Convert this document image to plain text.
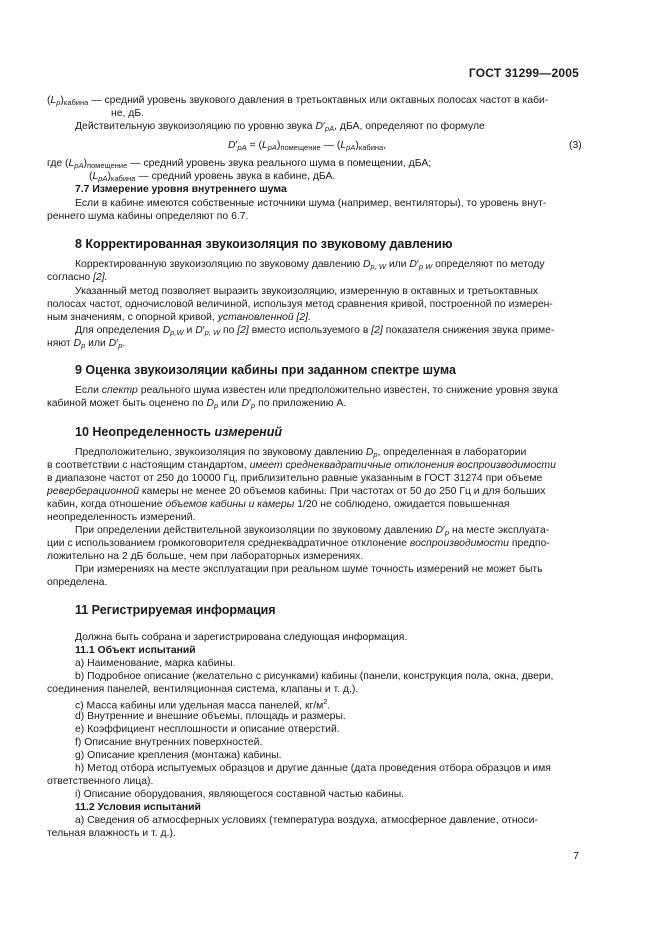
ГОСТ 31299—2005
$(L_p)_{кабина}$ — средний уровень звукового давления в третьоктавных или октавных полосах частот в каби-
не, дБ.
Действительную звукоизоляцию по уровню звука $D'_{pA}$, дБА, определяют по формуле
$D'_{pA} = (L_{pA})_{помещение}$ — $(L_{pA})_{кабина}$,	(3)
где $(L_{pA})_{помещение}$ — средний уровень звука реального шума в помещении, дБА;
$(L_{pA})_{кабина}$ — средний уровень звука в кабине, дБА.
7.7 Измерение уровня внутреннего шума
Если в кабине имеются собственные источники шума (например, вентиляторы), то уровень внут-
реннего шума кабины определяют по 6.7.
8 Корректированная звукоизоляция по звуковому давлению
Корректированную звукоизоляцию по звуковому давлению $D_{p, W}$ или $D'_{p W}$ определяют по методу
согласно [2].
Указанный метод позволяет выразить звукоизоляцию, измеренную в октавных и третьоктавных
полосах частот, одночисловой величиной, используя метод сравнения кривой, построенной по измерен-
ным значениям, с опорной кривой, установленной [2].
Для определения $D_{p,W}$ и $D'_{p, W}$ по [2] вместо используемого в [2] показателя снижения звука приме-
няют $D_p$ или $D'_p$.
9 Оценка звукоизоляции кабины при заданном спектре шума
Если спектр реального шума известен или предположительно известен, то снижение уровня звука
кабиной может быть оценено по $D_p$ или $D'_p$ по приложению А.
10 Неопределенность измерений
Предположительно, звукоизоляция по звуковому давлению $D_p$, определенная в лаборатории
в соответствии с настоящим стандартом, имеет среднеквадратичные отклонения воспроизводимости
в диапазоне частот от 250 до 10000 Гц, приблизительно равные указанным в ГОСТ 31274 при объеме
реверберационной камеры не менее 20 объемов кабины. При частотах от 50 до 250 Гц и для больших
кабин, когда отношение объемов кабины и камеры 1/20 не соблюдено, ожидается повышенная
неопределенность измерений.
При определении действительной звукоизоляции по звуковому давлению $D'_p$ на месте эксплуата-
ции с использованием громкоговорителя среднеквадратичное отклонение воспроизводимости предпо-
ложительно на 2 дБ больше, чем при лабораторных измерениях.
При измерениях на месте эксплуатации при реальном шуме точность измерений не может быть
определена.
11 Регистрируемая информация
Должна быть собрана и зарегистрирована следующая информация.
11.1 Объект испытаний
а) Наименование, марка кабины.
b) Подробное описание (желательно с рисунками) кабины (панели, конструкция пола, окна, двери,
соединения панелей, вентиляционная система, клапаны и т. д.).
с) Масса кабины или удельная масса панелей, $кг/м^2$.
d) Внутренние и внешние объемы, площадь и размеры.
е) Коэффициент несплошности и описание отверстий.
f) Описание внутренних поверхностей.
g) Описание крепления (монтажа) кабины.
h) Метод отбора испытуемых образцов и другие данные (дата проведения отбора образцов и имя
ответственного лица).
i) Описание оборудования, являющегося составной частью кабины.
11.2 Условия испытаний
а) Сведения об атмосферных условиях (температура воздуха, атмосферное давление, относи-
тельная влажность и т. д.).
7
